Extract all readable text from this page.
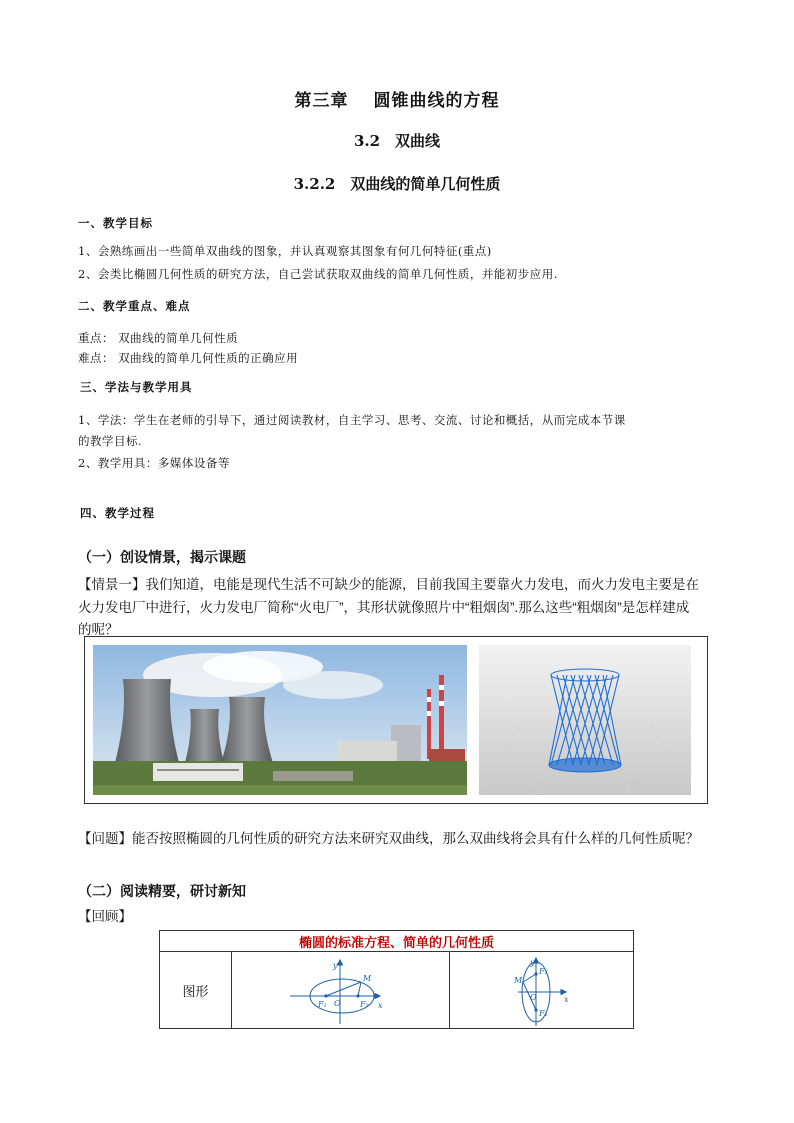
第三章　 圆锥曲线的方程
3.2　双曲线
3.2.2　双曲线的简单几何性质
一、教学目标
1、会熟练画出一些简单双曲线的图象，并认真观察其图象有何几何特征(重点)
2、会类比椭圆几何性质的研究方法，自己尝试获取双曲线的简单几何性质，并能初步应用.
二、教学重点、难点
重点： 双曲线的简单几何性质
难点： 双曲线的简单几何性质的正确应用
三、学法与教学用具
1、学法：学生在老师的引导下，通过阅读教材，自主学习、思考、交流、讨论和概括，从而完成本节课
的教学目标.
2、教学用具：多媒体设备等
四、教学过程
（一）创设情景，揭示课题
【情景一】我们知道，电能是现代生活不可缺少的能源，目前我国主要靠火力发电，而火力发电主要是在
火力发电厂中进行，火力发电厂简称“火电厂”，其形状就像照片中“粗烟囱”.那么这些“粗烟囱”是怎样建成
的呢？
【问题】能否按照椭圆的几何性质的研究方法来研究双曲线，那么双曲线将会具有什么样的几何性质呢？
（二）阅读精要，研讨新知
【回顾】
椭圆的标准方程、简单的几何性质
图形	
y
x
M
O
F₁	F₂

y
x
M
O
F₁
F₂
